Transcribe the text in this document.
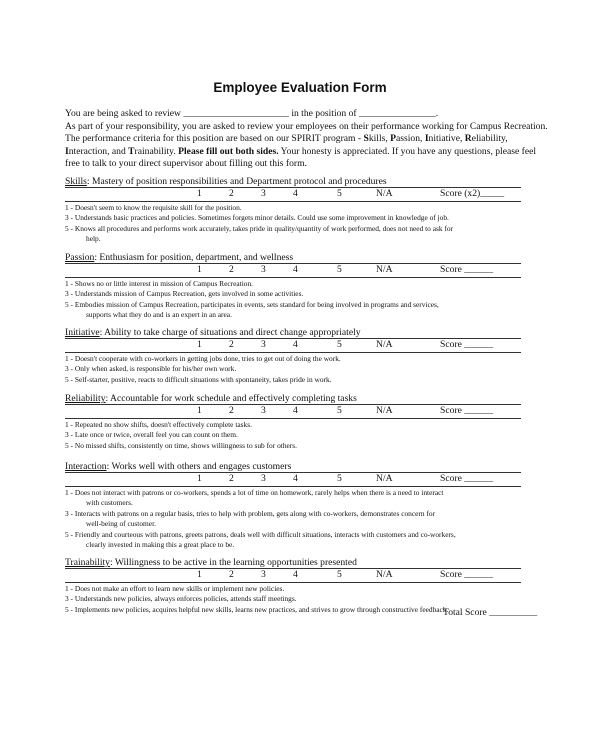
Employee Evaluation Form
You are being asked to review ______________________ in the position of ________________.
As part of your responsibility, you are asked to review your employees on their performance working for Campus Recreation.
The performance criteria for this position are based on our SPIRIT program - Skills, Passion, Initiative, Reliability,
Interaction, and Trainability. Please fill out both sides. Your honesty is appreciated. If you have any questions, please feel
free to talk to your direct supervisor about filling out this form.
Skills: Mastery of position responsibilities and Department protocol and procedures
1	2	3	4	5	N/A	Score (x2)_____
1 - Doesn't seem to know the requisite skill for the position.
3 - Understands basic practices and policies. Sometimes forgets minor details. Could use some improvement in knowledge of job.
5 - Knows all procedures and performs work accurately, takes pride in quality/quantity of work performed, does not need to ask for
help.
Passion: Enthusiasm for position, department, and wellness
1	2	3	4	5	N/A	Score ______
1 - Shows no or little interest in mission of Campus Recreation.
3 - Understands mission of Campus Recreation, gets involved in some activities.
5 - Embodies mission of Campus Recreation, participates in events, sets standard for being involved in programs and services,
supports what they do and is an expert in an area.
Initiative: Ability to take charge of situations and direct change appropriately
1	2	3	4	5	N/A	Score ______
1 - Doesn't cooperate with co-workers in getting jobs done, tries to get out of doing the work.
3 - Only when asked, is responsible for his/her own work.
5 - Self-starter, positive, reacts to difficult situations with spontaneity, takes pride in work.
Reliability: Accountable for work schedule and effectively completing tasks
1	2	3	4	5	N/A	Score ______
1 - Repeated no show shifts, doesn't effectively complete tasks.
3 - Late once or twice, overall feel you can count on them.
5 - No missed shifts, consistently on time, shows willingness to sub for others.
Interaction: Works well with others and engages customers
1	2	3	4	5	N/A	Score ______
1 - Does not interact with patrons or co-workers, spends a lot of time on homework, rarely helps when there is a need to interact
with customers.
3 - Interacts with patrons on a regular basis, tries to help with problem, gets along with co-workers, demonstrates concern for
well-being of customer.
5 - Friendly and courteous with patrons, greets patrons, deals well with difficult situations, interacts with customers and co-workers,
clearly invested in making this a great place to be.
Trainability: Willingness to be active in the learning opportunities presented
1	2	3	4	5	N/A	Score ______
1 - Does not make an effort to learn new skills or implement new policies.
3 - Understands new policies, always enforces policies, attends staff meetings.
5 - Implements new policies, acquires helpful new skills, learns new practices, and strives to grow through constructive feedback.
Total Score __________
